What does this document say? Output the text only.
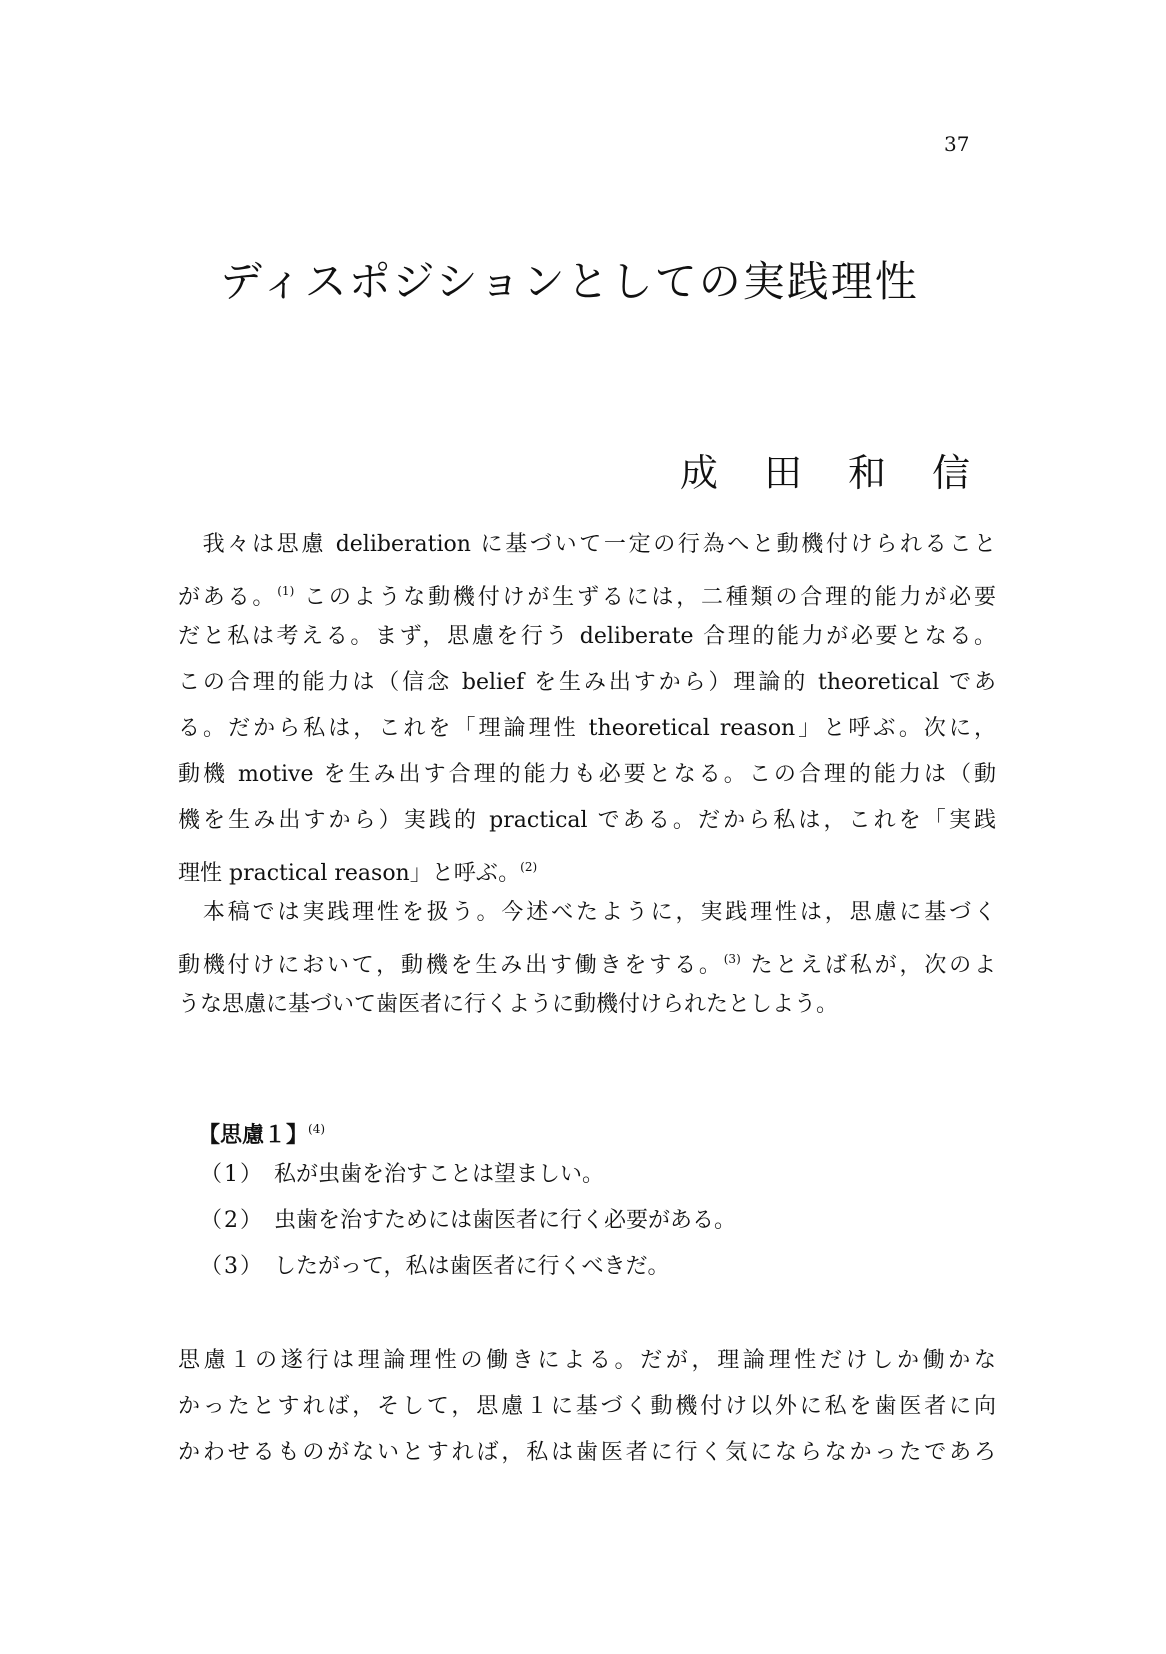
37
ディスポジションとしての実践理性
成 田 和 信
　我々は思慮 deliberation に基づいて一定の行為へと動機付けられること
がある。$^{(1)}$ このような動機付けが生ずるには，二種類の合理的能力が必要
だと私は考える。まず，思慮を行う deliberate 合理的能力が必要となる。
この合理的能力は（信念 belief を生み出すから）理論的 theoretical であ
る。だから私は，これを「理論理性 theoretical reason」と呼ぶ。次に，
動機 motive を生み出す合理的能力も必要となる。この合理的能力は（動
機を生み出すから）実践的 practical である。だから私は，これを「実践
理性 practical reason」と呼ぶ。$^{(2)}$
　本稿では実践理性を扱う。今述べたように，実践理性は，思慮に基づく
動機付けにおいて，動機を生み出す働きをする。$^{(3)}$ たとえば私が，次のよ
うな思慮に基づいて歯医者に行くように動機付けられたとしよう。
【思慮１】$^{(4)}$
（1） 私が虫歯を治すことは望ましい。
（2） 虫歯を治すためには歯医者に行く必要がある。
（3） したがって，私は歯医者に行くべきだ。
思慮１の遂行は理論理性の働きによる。だが，理論理性だけしか働かな
かったとすれば，そして，思慮１に基づく動機付け以外に私を歯医者に向
かわせるものがないとすれば，私は歯医者に行く気にならなかったであろ
